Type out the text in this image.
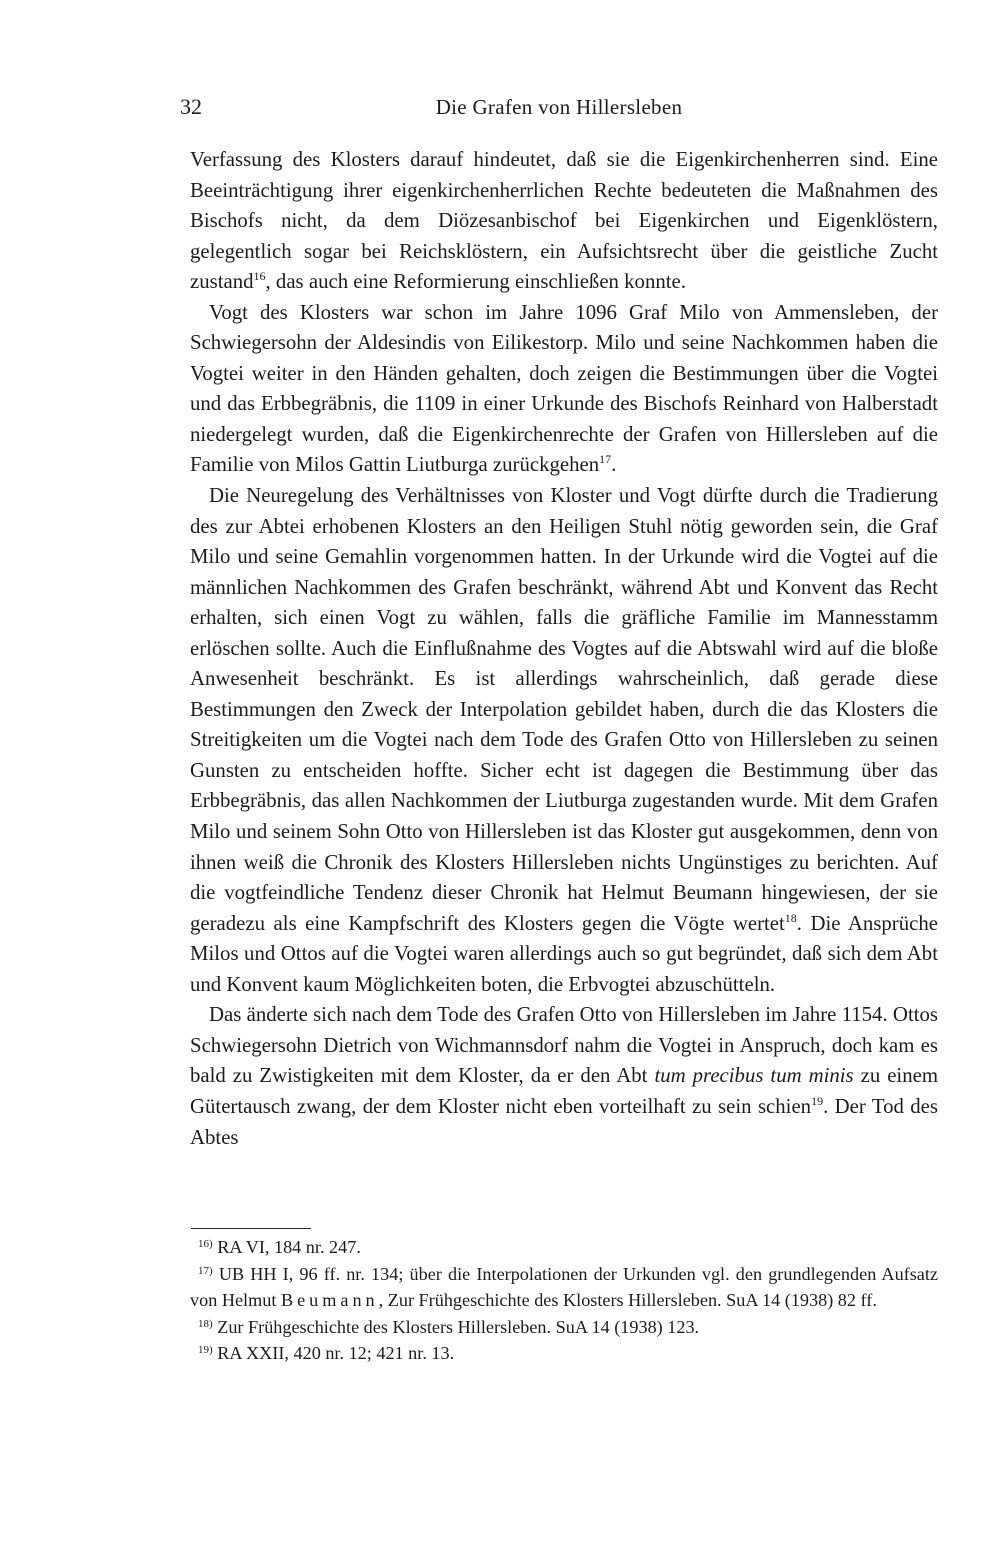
32	Die Grafen von Hillersleben

Verfassung des Klosters darauf hindeutet, daß sie die Eigenkirchenherren sind. Eine Beeinträchtigung ihrer eigenkirchenherrlichen Rechte bedeuteten die Maßnahmen des Bischofs nicht, da dem Diözesanbischof bei Eigenkirchen und Eigenklöstern, gelegentlich sogar bei Reichsklöstern, ein Aufsichtsrecht über die geistliche Zucht zustand$^{16}$, das auch eine Reformierung einschließen konnte.

Vogt des Klosters war schon im Jahre 1096 Graf Milo von Ammensleben, der Schwiegersohn der Aldesindis von Eilikestorp. Milo und seine Nachkommen haben die Vogtei weiter in den Händen gehalten, doch zeigen die Bestimmungen über die Vogtei und das Erbbegräbnis, die 1109 in einer Urkunde des Bischofs Reinhard von Halberstadt niedergelegt wurden, daß die Eigenkirchenrechte der Grafen von Hillersleben auf die Familie von Milos Gattin Liutburga zurückgehen$^{17}$.

Die Neuregelung des Verhältnisses von Kloster und Vogt dürfte durch die Tradierung des zur Abtei erhobenen Klosters an den Heiligen Stuhl nötig geworden sein, die Graf Milo und seine Gemahlin vorgenommen hatten. In der Urkunde wird die Vogtei auf die männlichen Nachkommen des Grafen beschränkt, während Abt und Konvent das Recht erhalten, sich einen Vogt zu wählen, falls die gräfliche Familie im Mannesstamm erlöschen sollte. Auch die Einflußnahme des Vogtes auf die Abtswahl wird auf die bloße Anwesenheit beschränkt. Es ist allerdings wahrscheinlich, daß gerade diese Bestimmungen den Zweck der Interpolation gebildet haben, durch die das Klosters die Streitigkeiten um die Vogtei nach dem Tode des Grafen Otto von Hillersleben zu seinen Gunsten zu entscheiden hoffte. Sicher echt ist dagegen die Bestimmung über das Erbbegräbnis, das allen Nachkommen der Liutburga zugestanden wurde. Mit dem Grafen Milo und seinem Sohn Otto von Hillersleben ist das Kloster gut ausgekommen, denn von ihnen weiß die Chronik des Klosters Hillersleben nichts Ungünstiges zu berichten. Auf die vogtfeindliche Tendenz dieser Chronik hat Helmut Beumann hingewiesen, der sie geradezu als eine Kampfschrift des Klosters gegen die Vögte wertet$^{18}$. Die Ansprüche Milos und Ottos auf die Vogtei waren allerdings auch so gut begründet, daß sich dem Abt und Konvent kaum Möglichkeiten boten, die Erbvogtei abzuschütteln.

Das änderte sich nach dem Tode des Grafen Otto von Hillersleben im Jahre 1154. Ottos Schwiegersohn Dietrich von Wichmannsdorf nahm die Vogtei in Anspruch, doch kam es bald zu Zwistigkeiten mit dem Kloster, da er den Abt tum precibus tum minis zu einem Gütertausch zwang, der dem Kloster nicht eben vorteilhaft zu sein schien$^{19}$. Der Tod des Abtes

$^{16)}$ RA VI, 184 nr. 247.

$^{17)}$ UB HH I, 96 ff. nr. 134; über die Interpolationen der Urkunden vgl. den grundlegenden Aufsatz von Helmut Beumann, Zur Frühgeschichte des Klosters Hillersleben. SuA 14 (1938) 82 ff.

$^{18)}$ Zur Frühgeschichte des Klosters Hillersleben. SuA 14 (1938) 123.

$^{19)}$ RA XXII, 420 nr. 12; 421 nr. 13.
